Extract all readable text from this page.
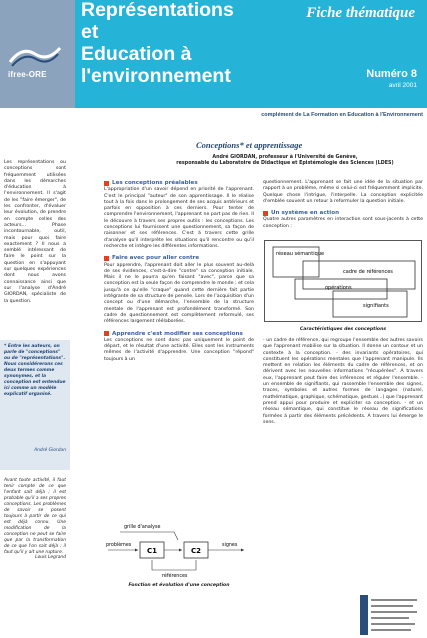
ifree-ORE
Représentations
et
Education à
l'environnement
Fiche thématique
Numéro 8
avril 2001
complément de La Formation en Education à l'Environnement

Les représentations ou conceptions sont fréquemment utilisées dans les démarches d'éducation à l'environnement. Il s'agit de les "faire émerger", de les confronter, d'évaluer leur évolution, de prendre en compte celles des acteurs... Phase incontournable, outil, mais pour quoi faire exactement ? Il nous a semblé intéressant de faire le point sur la question en s'appuyant sur quelques expériences dont nous avons connaissance ainsi que sur l'analyse d'André GIORDAN, spécialiste de la question.

* Entre les auteurs, on parle de "conceptions" ou de "représentations". Nous considérerons ces deux termes comme synonymes, et la conception est entendue ici comme un modèle explicatif organisé.
André Giordan

Avant toute activité, il faut tenir compte de ce que l'enfant sait déjà ; il est probable qu'il a ses propres conceptions. Les problèmes de savoir se posent toujours à partir de ce qui est déjà connu. Une modification de la conception ne peut se faire que par la transformation de ce que l'on sait déjà ; il faut qu'il y ait une rupture.

Louis Legrand
Conceptions* et apprentissage
André GIORDAN, professeur à l'Université de Genève,
responsable du Laboratoire de Didactique et Epistémologie des Sciences (LDES)
Les conceptions préalables

L'appropriation d'un savoir dépend en priorité de l'apprenant. C'est le principal "auteur" de son apprentissage. Il le réalise tout à la fois dans le prolongement de ses acquis antérieurs et parfois en opposition à ces derniers. Pour tenter de comprendre l'environnement, l'apprenant ne part pas de rien. Il le découvre à travers ses propres outils : les conceptions. Les conceptions lui fournissent une questionnement, sa façon de raisonner et ses références. C'est à travers cette grille d'analyse qu'il interprète les situations qu'il rencontre ou qu'il recherche et intègre les différentes informations.

Faire avec pour aller contre

Pour apprendre, l'apprenant doit aller le plus souvent au-delà de ses évidences, c'est-à-dire "contre" sa conception initiale. Mais il ne le pourra qu'en faisant "avec", parce que sa conception est la seule façon de comprendre le monde : et cela jusqu'à ce qu'elle "craque" quand cette dernière fait partie intégrante de sa structure de pensée. Lors de l'acquisition d'un concept ou d'une démarche, l'ensemble de la structure mentale de l'apprenant est profondément transformé. Son cadre de questionnement est complètement reformulé, ses références largement réélaborées.

Apprendre c'est modifier ses conceptions

Les conceptions ne sont donc pas uniquement le point de départ, et le résultat d'une activité. Elles sont les instruments mêmes de l'activité d'apprendre. Une conception "répond" toujours à un

questionnement. L'apprenant se fait une idée de la situation par rapport à un problème, même si celui-ci est fréquemment implicite. Quelque chose l'intrigue, l'interpelle. La conception explicitée d'emblée souvent un retour à reformuler la question initiale.

Un système en action

Quatre autres paramètres en interaction sont sous-jacents à cette conception :

réseau sémantique
cadre de références
opérations
signifiants
Caractéristiques des conceptions

- un cadre de référence, qui regroupe l'ensemble des autres savoirs que l'apprenant mobilise sur la situation. Il donne un contour et un contexte à la conception. - des invariants opératoires, qui constituent les opérations mentales que l'apprenant manipule. Ils mettent en relation les éléments du cadre de références, et on dérivent avec les nouvelles informations "récupérées". A travers eux, l'apprenant peut faire des inférences et réguler l'ensemble. - un ensemble de signifiants, qui rassemble l'ensemble des signes, traces, symboles et autres formes de langages (naturel, mathématique, graphique, schématique, gestuel...) que l'apprenant prend appui pour produire et expliciter sa conception. - et un réseau sémantique, qui constitue le réseau de significations formées à partir des éléments précédents. A travers lui émerge le sens.

grille d'analyse
C1	C2
problèmes	signes
références
Fonction et évolution d'une conception
